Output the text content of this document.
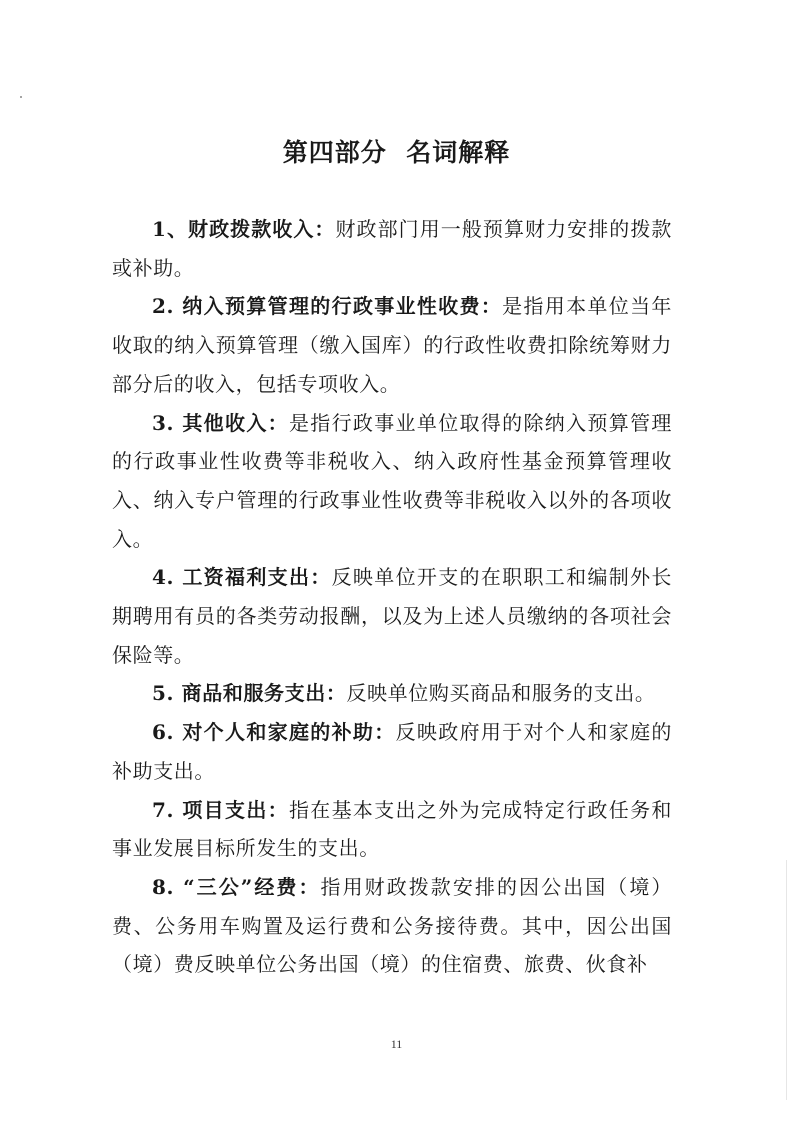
第四部分  名词解释

1、财政拨款收入：财政部门用一般预算财力安排的拨款或补助。

2. 纳入预算管理的行政事业性收费：是指用本单位当年收取的纳入预算管理（缴入国库）的行政性收费扣除统筹财力部分后的收入，包括专项收入。

3. 其他收入：是指行政事业单位取得的除纳入预算管理的行政事业性收费等非税收入、纳入政府性基金预算管理收入、纳入专户管理的行政事业性收费等非税收入以外的各项收入。

4. 工资福利支出：反映单位开支的在职职工和编制外长期聘用有员的各类劳动报酬，以及为上述人员缴纳的各项社会保险等。

5. 商品和服务支出：反映单位购买商品和服务的支出。

6. 对个人和家庭的补助：反映政府用于对个人和家庭的补助支出。

7. 项目支出：指在基本支出之外为完成特定行政任务和事业发展目标所发生的支出。

8. “三公”经费：指用财政拨款安排的因公出国（境）费、公务用车购置及运行费和公务接待费。其中，因公出国（境）费反映单位公务出国（境）的住宿费、旅费、伙食补

11
